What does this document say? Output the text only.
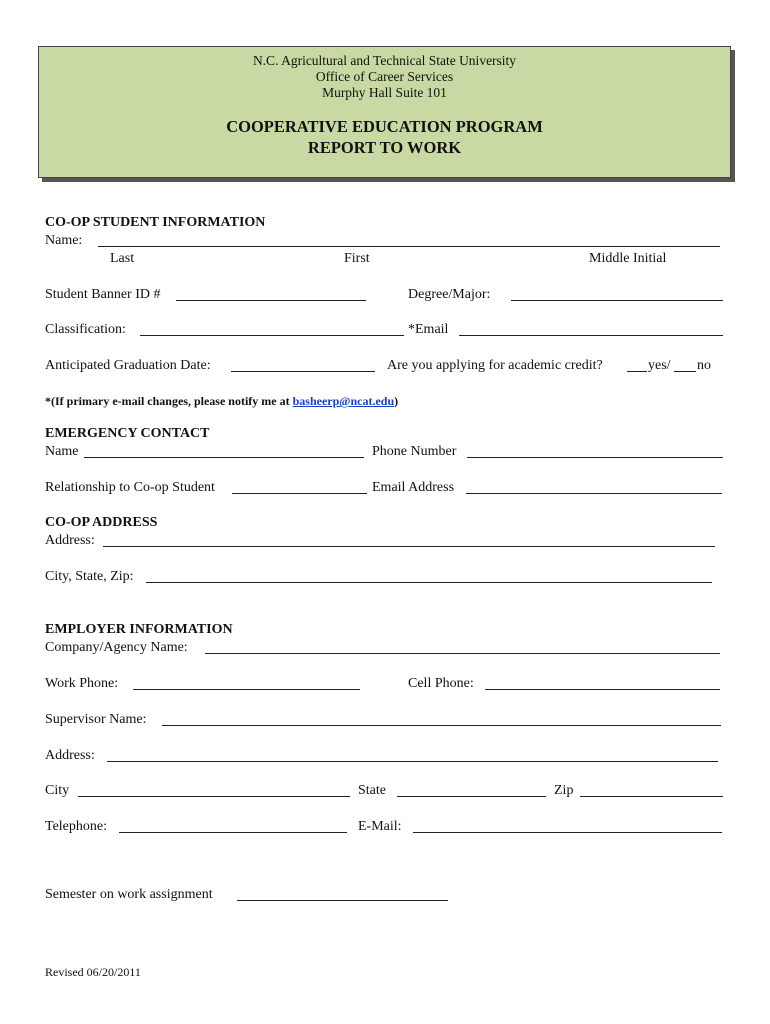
N.C. Agricultural and Technical State University
Office of Career Services
Murphy Hall Suite 101
COOPERATIVE EDUCATION PROGRAM
REPORT TO WORK
CO-OP STUDENT INFORMATION
Name:
Last	First	Middle Initial
Student Banner ID #	Degree/Major:
Classification:	*Email
Anticipated Graduation Date:	Are you applying for academic credit?	yes/ no
*(If primary e-mail changes, please notify me at basheerp@ncat.edu)
EMERGENCY CONTACT
Name	Phone Number
Relationship to Co-op Student	Email Address
CO-OP ADDRESS
Address:
City, State, Zip:
EMPLOYER INFORMATION
Company/Agency Name:
Work Phone:	Cell Phone:
Supervisor Name:
Address:
City	State	Zip
Telephone:	E-Mail:
Semester on work assignment
Revised 06/20/2011
